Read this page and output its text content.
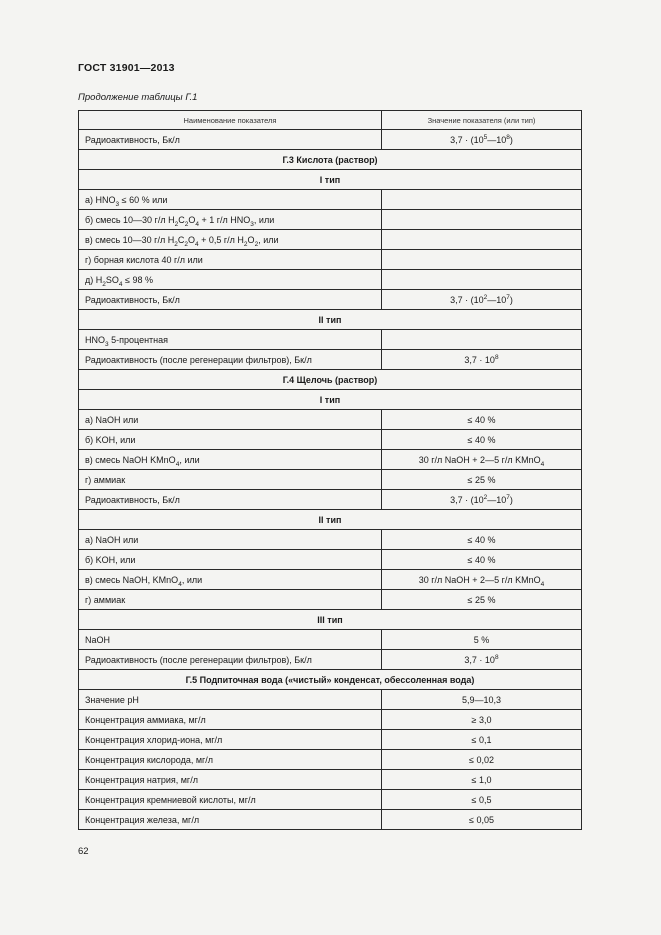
ГОСТ 31901—2013
Продолжение таблицы Г.1
Наименование показателя	Значение показателя (или тип)
Радиоактивность, Бк/л	$3,7 \cdot (10^5—10^8)$
Г.3 Кислота (раствор)	
I тип	
а) $HNO_3 \le 60$ % или	
б) смесь 10—30 г/л $H_2C_2O_4 + 1$ г/л $HNO_3$, или	
в) смесь 10—30 г/л $H_2C_2O_4 + 0,5$ г/л $H_2O_2$, или	
г) борная кислота 40 г/л или	
д) $H_2SO_4 \le 98$ %	
Радиоактивность, Бк/л	$3,7 \cdot (10^2—10^7)$
II тип	
$HNO_3$ 5-процентная	
Радиоактивность (после регенерации фильтров), Бк/л	$3,7 \cdot 10^8$
Г.4 Щелочь (раствор)	
I тип	
а) NaOH или	≤ 40 %
б) KOH, или	≤ 40 %
в) смесь NaOH KMnO$_4$, или	30 г/л NaOH + 2—5 г/л KMnO$_4$
г) аммиак	≤ 25 %
Радиоактивность, Бк/л	$3,7 \cdot (10^2—10^7)$
II тип	
а) NaOH или	≤ 40 %
б) KOH, или	≤ 40 %
в) смесь NaOH, KMnO$_4$, или	30 г/л NaOH + 2—5 г/л KMnO$_4$
г) аммиак	≤ 25 %
III тип	
NaOH	5 %
Радиоактивность (после регенерации фильтров), Бк/л	$3,7 \cdot 10^8$
Г.5 Подпиточная вода («чистый» конденсат, обессоленная вода)	
Значение pH	5,9—10,3
Концентрация аммиака, мг/л	≥ 3,0
Концентрация хлорид-иона, мг/л	≤ 0,1
Концентрация кислорода, мг/л	≤ 0,02
Концентрация натрия, мг/л	≤ 1,0
Концентрация кремниевой кислоты, мг/л	≤ 0,5
Концентрация железа, мг/л	≤ 0,05
62
